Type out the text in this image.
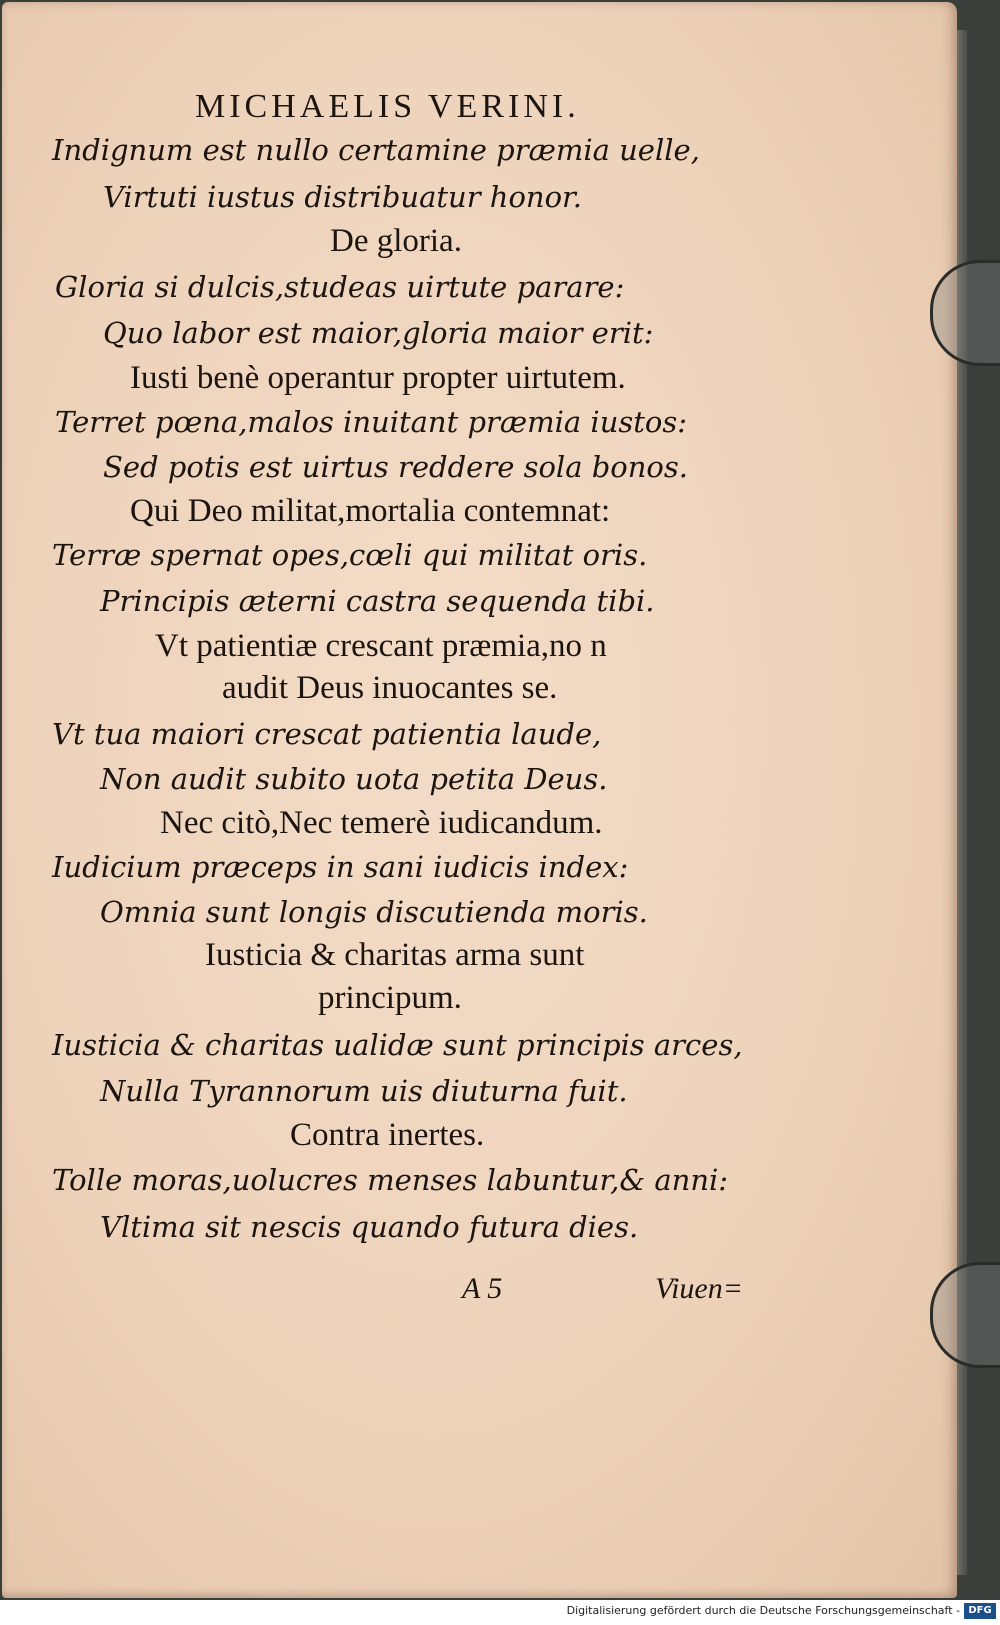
MICHAELIS VERINI.
Indignum est nullo certamine præmia uelle,
Virtuti iustus distribuatur honor.
De gloria.
Gloria si dulcis,studeas uirtute parare:
Quo labor est maior,gloria maior erit:
Iusti benè operantur propter uirtutem.
Terret pœna,malos inuitant præmia iustos:
Sed potis est uirtus reddere sola bonos.
Qui Deo militat,mortalia contemnat:
Terræ spernat opes,cœli qui militat oris.
Principis æterni castra sequenda tibi.
Vt patientiæ crescant præmia,no n
audit Deus inuocantes se.
Vt tua maiori crescat patientia laude,
Non audit subito uota petita Deus.
Nec citò,Nec temerè iudicandum.
Iudicium præceps in sani iudicis index:
Omnia sunt longis discutienda moris.
Iusticia & charitas arma sunt
principum.
Iusticia & charitas ualidæ sunt principis arces,
Nulla Tyrannorum uis diuturna fuit.
Contra inertes.
Tolle moras,uolucres menses labuntur,& anni:
Vltima sit nescis quando futura dies.
A 5	Viuen=
Digitalisierung gefördert durch die Deutsche Forschungsgemeinschaft - DFG
